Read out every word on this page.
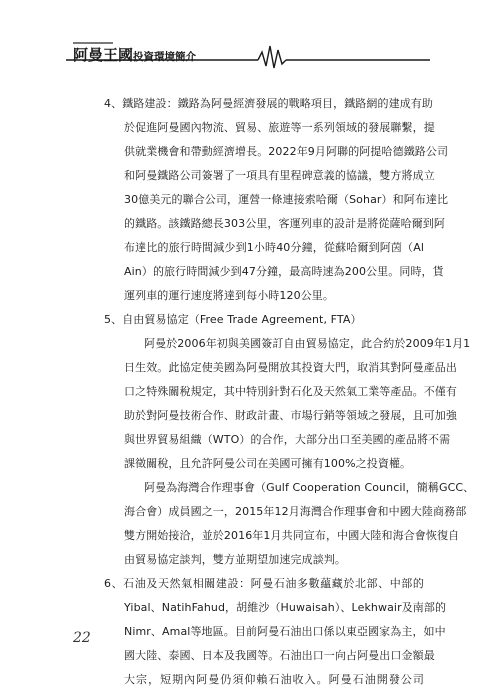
阿曼王國投資環境簡介
4、鐵路建設：鐵路為阿曼經濟發展的戰略項目，鐵路網的建成有助
於促進阿曼國內物流、貿易、旅遊等一系列領域的發展聯繫，提
供就業機會和帶動經濟增長。2022年9月阿聯的阿提哈德鐵路公司
和阿曼鐵路公司簽署了一項具有里程碑意義的協議，雙方將成立
30億美元的聯合公司，運營一條連接索哈爾（Sohar）和阿布達比
的鐵路。該鐵路總長303公里，客運列車的設計是將從薩哈爾到阿
布達比的旅行時間減少到1小時40分鐘，從蘇哈爾到阿茵（Al
Ain）的旅行時間減少到47分鐘，最高時速為200公里。同時，貨
運列車的運行速度將達到每小時120公里。
5、自由貿易協定（Free Trade Agreement, FTA）
阿曼於2006年初與美國簽訂自由貿易協定，此合約於2009年1月1
日生效。此協定使美國為阿曼開放其投資大門，取消其對阿曼產品出
口之特殊關稅規定，其中特別針對石化及天然氣工業等產品。不僅有
助於對阿曼技術合作、財政計畫、市場行銷等領域之發展，且可加強
與世界貿易組織（WTO）的合作，大部分出口至美國的產品將不需
課徵關稅，且允許阿曼公司在美國可擁有100%之投資權。
阿曼為海灣合作理事會（Gulf Cooperation Council，簡稱GCC、
海合會）成員國之一，2015年12月海灣合作理事會和中國大陸商務部
雙方開始接洽，並於2016年1月共同宣布，中國大陸和海合會恢復自
由貿易協定談判，雙方並期望加速完成談判。
6、石油及天然氣相關建設：阿曼石油多數蘊藏於北部、中部的
Yibal、NatihFahud，胡維沙（Huwaisah）、Lekhwair及南部的
Nimr、Amal等地區。目前阿曼石油出口係以東亞國家為主，如中
國大陸、泰國、日本及我國等。石油出口一向占阿曼出口金額最
大宗，短期內阿曼仍須仰賴石油收入。阿曼石油開發公司
22
